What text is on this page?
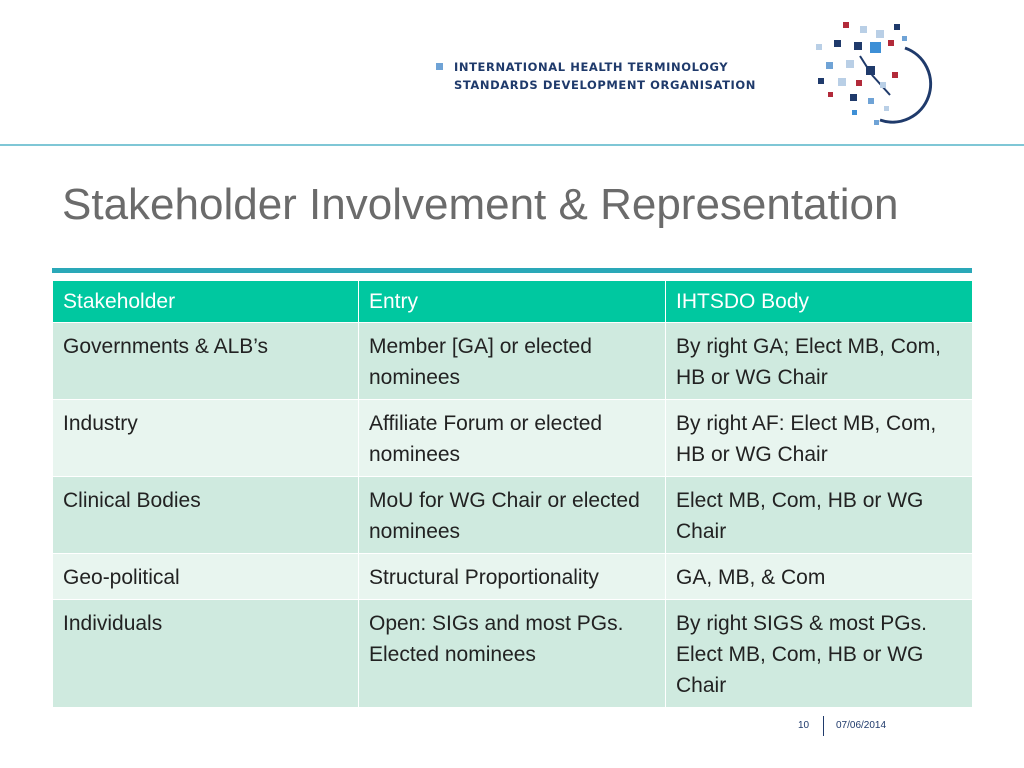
INTERNATIONAL HEALTH TERMINOLOGY
STANDARDS DEVELOPMENT ORGANISATION
Stakeholder Involvement & Representation
Stakeholder	Entry	IHTSDO Body
Governments & ALB’s	Member [GA] or elected nominees	By right GA; Elect MB, Com, HB or WG Chair
Industry	Affiliate Forum or elected nominees	By right AF: Elect MB, Com, HB or WG Chair
Clinical Bodies	MoU for WG Chair or elected nominees	Elect MB, Com, HB or WG Chair
Geo-political	Structural Proportionality	GA, MB, & Com
Individuals	Open: SIGs and most PGs. Elected nominees	By right SIGS & most PGs. Elect MB, Com, HB or WG Chair
10	07/06/2014
